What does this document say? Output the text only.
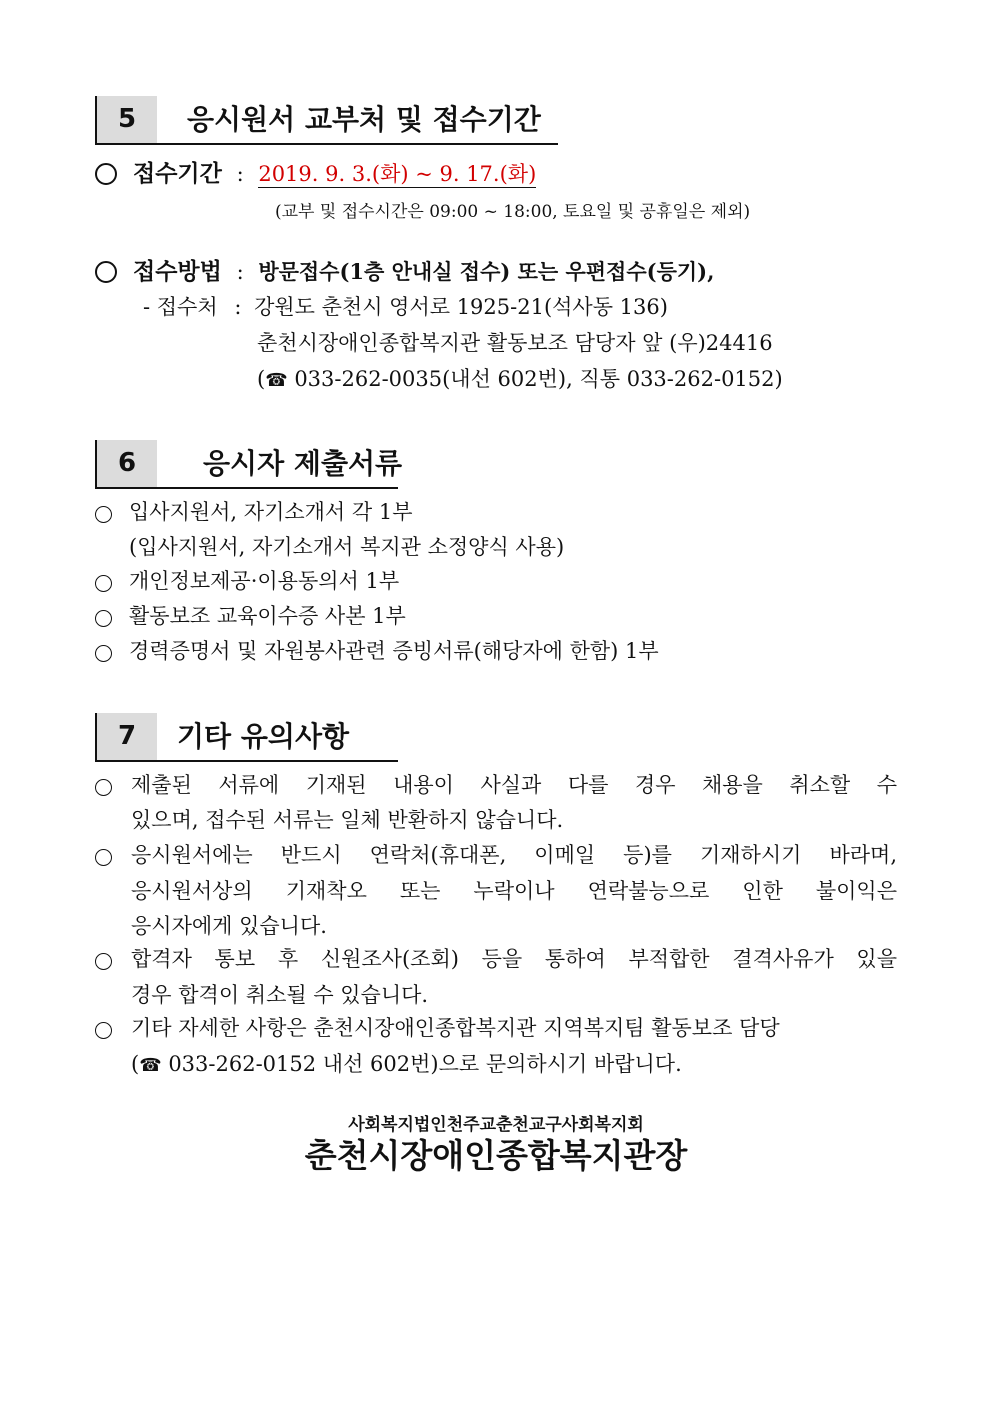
5	응시원서 교부처 및 접수기간
접수기간 : 2019. 9. 3.(화) ~ 9. 17.(화)
(교부 및 접수시간은 09:00 ~ 18:00, 토요일 및 공휴일은 제외)
접수방법 : 방문접수(1층 안내실 접수) 또는 우편접수(등기),
- 접수처 : 강원도 춘천시 영서로 1925-21(석사동 136)
춘천시장애인종합복지관 활동보조 담당자 앞 (우)24416
(☎ 033-262-0035(내선 602번), 직통 033-262-0152)
6	응시자 제출서류
입사지원서, 자기소개서 각 1부
(입사지원서, 자기소개서 복지관 소정양식 사용)
개인정보제공·이용동의서 1부
활동보조 교육이수증 사본 1부
경력증명서 및 자원봉사관련 증빙서류(해당자에 한함) 1부
7	기타 유의사항
제출된 서류에 기재된 내용이 사실과 다를 경우 채용을 취소할 수
있으며, 접수된 서류는 일체 반환하지 않습니다.
응시원서에는 반드시 연락처(휴대폰, 이메일 등)를 기재하시기 바라며,
응시원서상의 기재착오 또는 누락이나 연락불능으로 인한 불이익은
응시자에게 있습니다.
합격자 통보 후 신원조사(조회) 등을 통하여 부적합한 결격사유가 있을
경우 합격이 취소될 수 있습니다.
기타 자세한 사항은 춘천시장애인종합복지관 지역복지팀 활동보조 담당
(☎ 033-262-0152 내선 602번)으로 문의하시기 바랍니다.
사회복지법인천주교춘천교구사회복지회
춘천시장애인종합복지관장
